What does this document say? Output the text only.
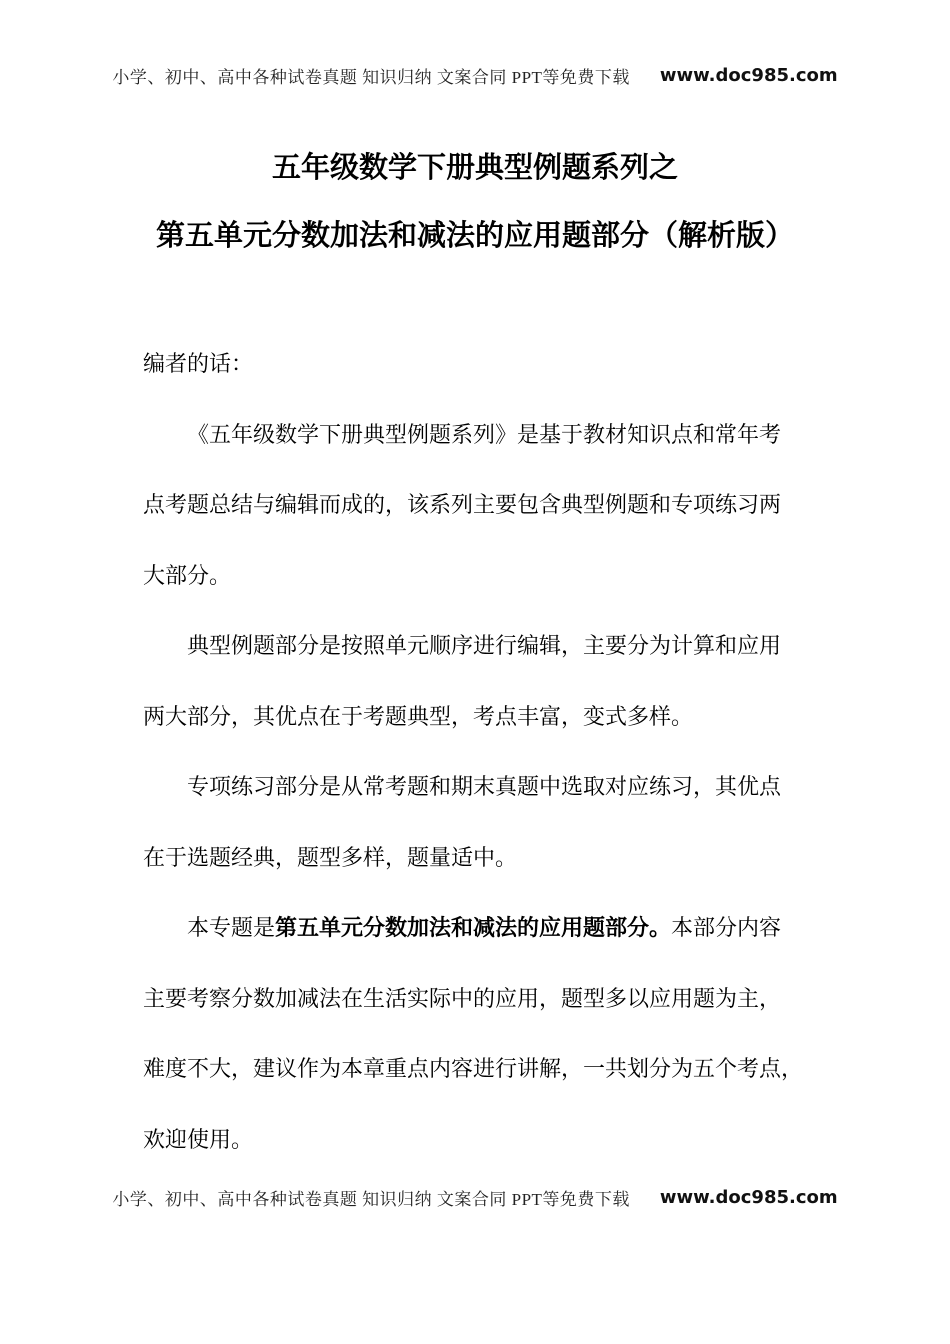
小学、初中、高中各种试卷真题 知识归纳 文案合同 PPT等免费下载 www.doc985.com
五年级数学下册典型例题系列之
第五单元分数加法和减法的应用题部分（解析版）
编者的话：
《五年级数学下册典型例题系列》是基于教材知识点和常年考
点考题总结与编辑而成的，该系列主要包含典型例题和专项练习两
大部分。
典型例题部分是按照单元顺序进行编辑，主要分为计算和应用
两大部分，其优点在于考题典型，考点丰富，变式多样。
专项练习部分是从常考题和期末真题中选取对应练习，其优点
在于选题经典，题型多样，题量适中。
本专题是 第五单元分数加法和减法的应用题部分。 本部分内容
主要考察分数加减法在生活实际中的应用，题型多以应用题为主，
难度不大，建议作为本章重点内容进行讲解，一共划分为五个考点，
欢迎使用。
小学、初中、高中各种试卷真题 知识归纳 文案合同 PPT等免费下载 www.doc985.com
